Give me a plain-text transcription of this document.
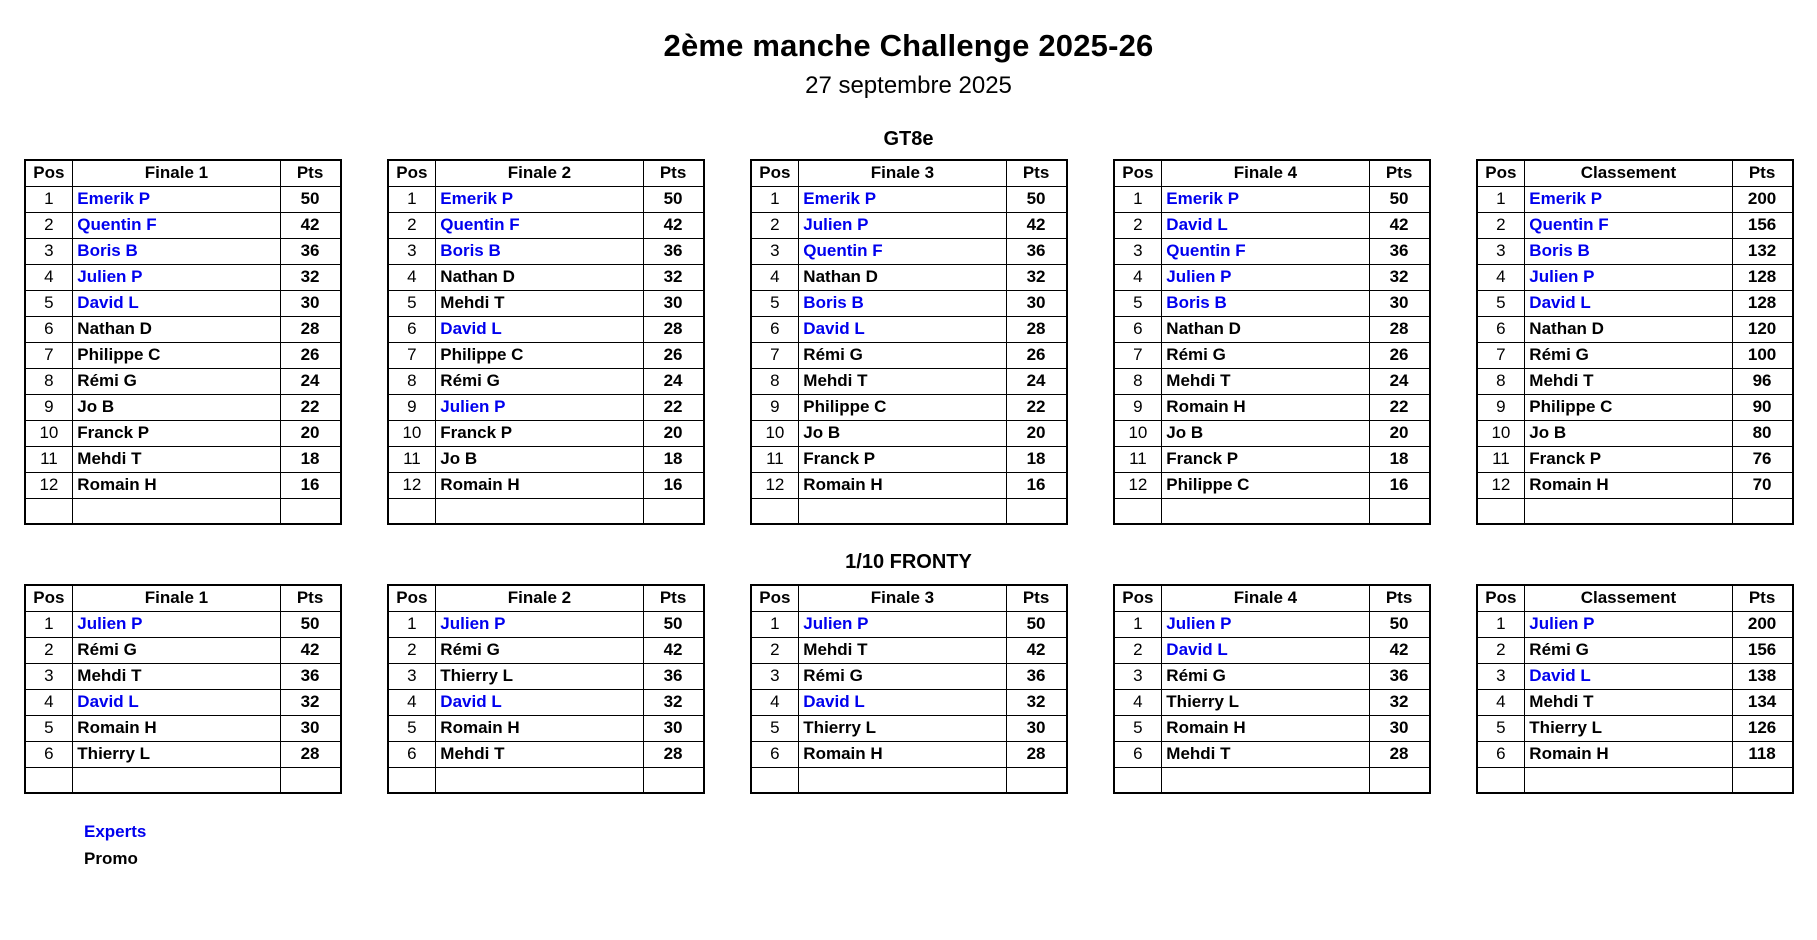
2ème manche Challenge 2025-26
27 septembre 2025
GT8e
Pos	Finale 1	Pts
1	Emerik P	50
2	Quentin F	42
3	Boris B	36
4	Julien P	32
5	David L	30
6	Nathan D	28
7	Philippe C	26
8	Rémi G	24
9	Jo B	22
10	Franck P	20
11	Mehdi T	18
12	Romain H	16

Pos	Finale 2	Pts
1	Emerik P	50
2	Quentin F	42
3	Boris B	36
4	Nathan D	32
5	Mehdi T	30
6	David L	28
7	Philippe C	26
8	Rémi G	24
9	Julien P	22
10	Franck P	20
11	Jo B	18
12	Romain H	16

Pos	Finale 3	Pts
1	Emerik P	50
2	Julien P	42
3	Quentin F	36
4	Nathan D	32
5	Boris B	30
6	David L	28
7	Rémi G	26
8	Mehdi T	24
9	Philippe C	22
10	Jo B	20
11	Franck P	18
12	Romain H	16

Pos	Finale 4	Pts
1	Emerik P	50
2	David L	42
3	Quentin F	36
4	Julien P	32
5	Boris B	30
6	Nathan D	28
7	Rémi G	26
8	Mehdi T	24
9	Romain H	22
10	Jo B	20
11	Franck P	18
12	Philippe C	16

Pos	Classement	Pts
1	Emerik P	200
2	Quentin F	156
3	Boris B	132
4	Julien P	128
5	David L	128
6	Nathan D	120
7	Rémi G	100
8	Mehdi T	96
9	Philippe C	90
10	Jo B	80
11	Franck P	76
12	Romain H	70

1/10 FRONTY
Pos	Finale 1	Pts
1	Julien P	50
2	Rémi G	42
3	Mehdi T	36
4	David L	32
5	Romain H	30
6	Thierry L	28

Pos	Finale 2	Pts
1	Julien P	50
2	Rémi G	42
3	Thierry L	36
4	David L	32
5	Romain H	30
6	Mehdi T	28

Pos	Finale 3	Pts
1	Julien P	50
2	Mehdi T	42
3	Rémi G	36
4	David L	32
5	Thierry L	30
6	Romain H	28

Pos	Finale 4	Pts
1	Julien P	50
2	David L	42
3	Rémi G	36
4	Thierry L	32
5	Romain H	30
6	Mehdi T	28

Pos	Classement	Pts
1	Julien P	200
2	Rémi G	156
3	David L	138
4	Mehdi T	134
5	Thierry L	126
6	Romain H	118

Experts
Promo
